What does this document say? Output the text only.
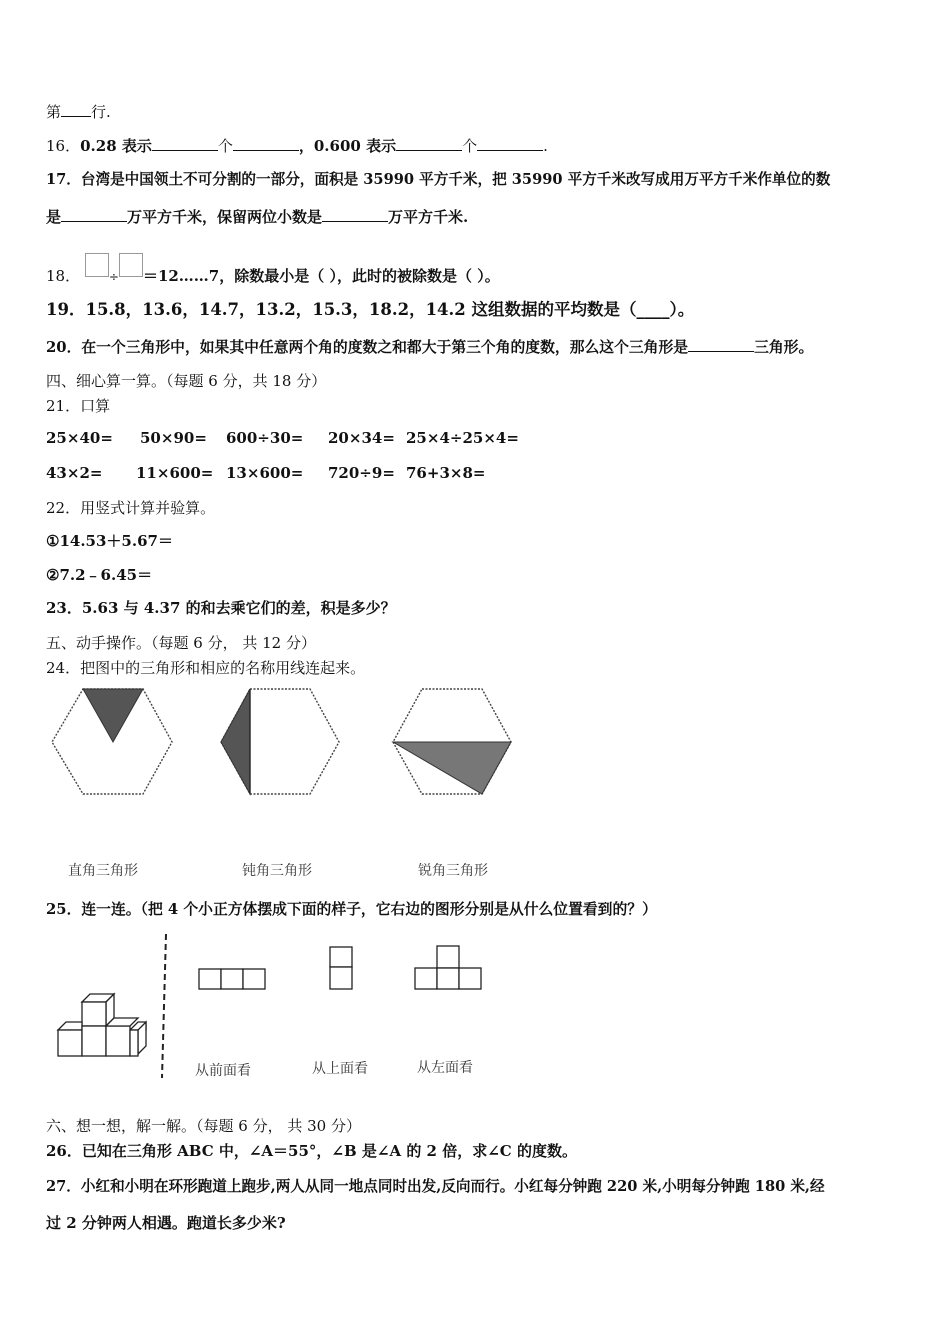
第 行.
16．0.28 表示	个	，0.600 表示	个	.
17．台湾是中国领土不可分割的一部分，面积是 35990 平方千米，把 35990 平方千米改写成用万平方千米作单位的数
是	万平方千米，保留两位小数是	万平方千米.
18． ÷ ＝12……7，除数最小是（ ），此时的被除数是（ ）。
19．15.8，13.6，14.7，13.2，15.3，18.2，14.2 这组数据的平均数是（____）。
20．在一个三角形中，如果其中任意两个角的度数之和都大于第三个角的度数，那么这个三角形是	三角形。
四、细心算一算。（每题 6 分，共 18 分）
21．口算
25×40= 50×90= 600÷30= 20×34= 25×4÷25×4=
43×2= 11×600= 13×600= 720÷9= 76+3×8=
22．用竖式计算并验算。
①14.53＋5.67＝
②7.2﹣6.45＝
23．5.63 与 4.37 的和去乘它们的差，积是多少？
五、动手操作。（每题 6 分， 共 12 分）
24．把图中的三角形和相应的名称用线连起来。
直角三角形	钝角三角形	锐角三角形
25．连一连。（把 4 个小正方体摆成下面的样子，它右边的图形分别是从什么位置看到的？）
从前面看	从上面看	从左面看
六、想一想，解一解。（每题 6 分， 共 30 分）
26．已知在三角形 ABC 中，∠A＝55°，∠B 是∠A 的 2 倍，求∠C 的度数。
27．小红和小明在环形跑道上跑步,两人从同一地点同时出发,反向而行。小红每分钟跑 220 米,小明每分钟跑 180 米,经
过 2 分钟两人相遇。跑道长多少米?
